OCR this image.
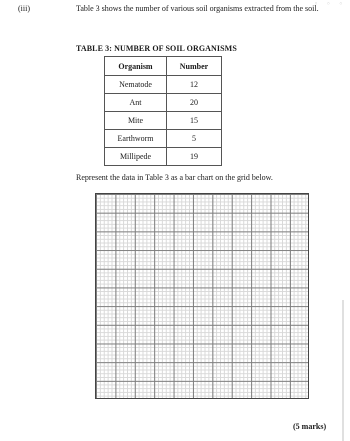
◦ ◦ ◦
(iii)	Table 3 shows the number of various soil organisms extracted from the soil.
TABLE 3: NUMBER OF SOIL ORGANISMS
Organism	Number
Nematode	12
Ant	20
Mite	15
Earthworm	5
Millipede	19
Represent the data in Table 3 as a bar chart on the grid below.
(5 marks)
